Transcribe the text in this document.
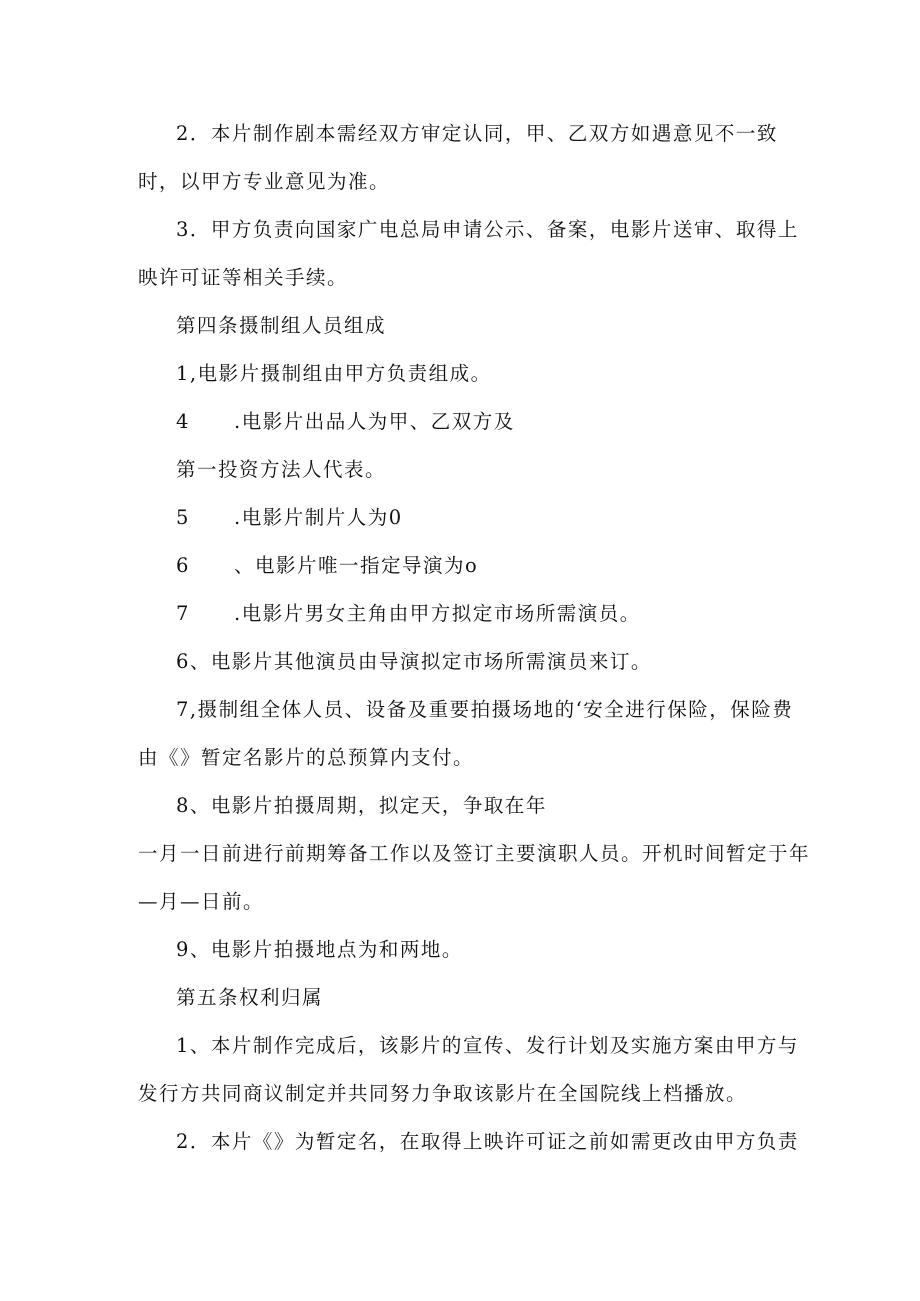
2．本片制作剧本需经双方审定认同，甲、乙双方如遇意见不一致
时，以甲方专业意见为准。
3．甲方负责向国家广电总局申请公示、备案，电影片送审、取得上
映许可证等相关手续。
第四条摄制组人员组成
1,电影片摄制组由甲方负责组成。
4 .电影片出品人为甲、乙双方及
第一投资方法人代表。
5 .电影片制片人为0
6 、电影片唯一指定导演为o
7 .电影片男女主角由甲方拟定市场所需演员。
6、电影片其他演员由导演拟定市场所需演员来订。
7,摄制组全体人员、设备及重要拍摄场地的‘安全进行保险，保险费
由《》暂定名影片的总预算内支付。
8、电影片拍摄周期，拟定天，争取在年
一月一日前进行前期筹备工作以及签订主要演职人员。开机时间暂定于年
—月—日前。
9、电影片拍摄地点为和两地。
第五条权利归属
1、本片制作完成后，该影片的宣传、发行计划及实施方案由甲方与
发行方共同商议制定并共同努力争取该影片在全国院线上档播放。
2．本片《》为暂定名，在取得上映许可证之前如需更改由甲方负责
